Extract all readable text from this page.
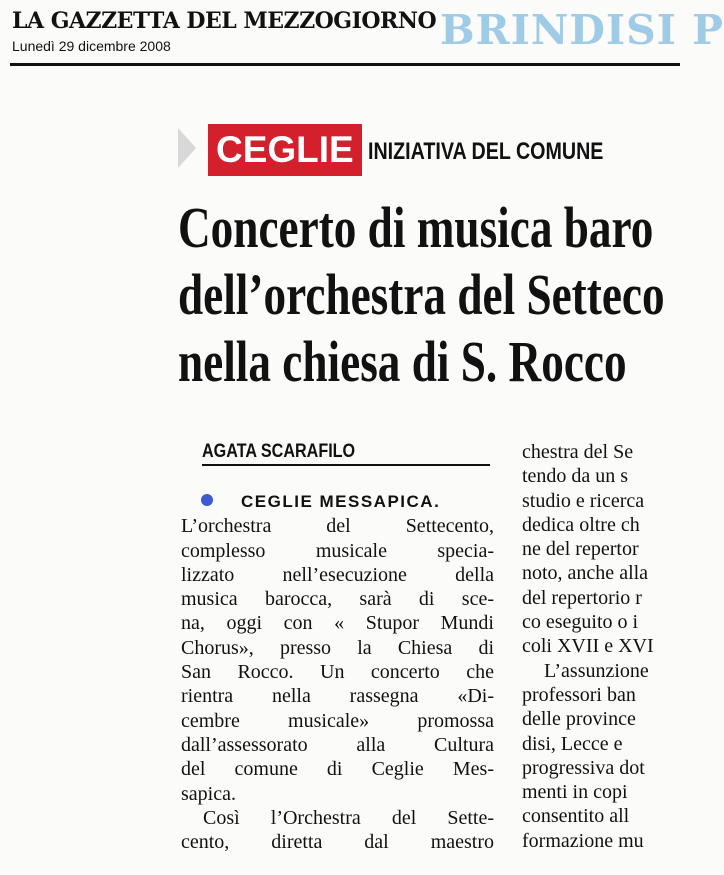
LA GAZZETTA DEL MEZZOGIORNO
Lunedì 29 dicembre 2008	BRINDISI P
CEGLIE INIZIATIVA DEL COMUNE
Concerto di musica baro
dell’orchestra del Setteco
nella chiesa di S. Rocco
AGATA SCARAFILO
CEGLIE MESSAPICA.
L’orchestra del Settecento,
complesso musicale specia-
lizzato nell’esecuzione della
musica barocca, sarà di sce-
na, oggi con « Stupor Mundi
Chorus», presso la Chiesa di
San Rocco. Un concerto che
rientra nella rassegna «Di-
cembre musicale» promossa
dall’assessorato alla Cultura
del comune di Ceglie Mes-
sapica.
Così l’Orchestra del Sette-
cento, diretta dal maestro
chestra del Se
tendo da un s
studio e ricerca
dedica oltre ch
ne del repertor
noto, anche alla
del repertorio r
co eseguito o i
coli XVII e XVI
L’assunzione
professori ban
delle province
disi, Lecce e
progressiva dot
menti in copi
consentito all
formazione mu
